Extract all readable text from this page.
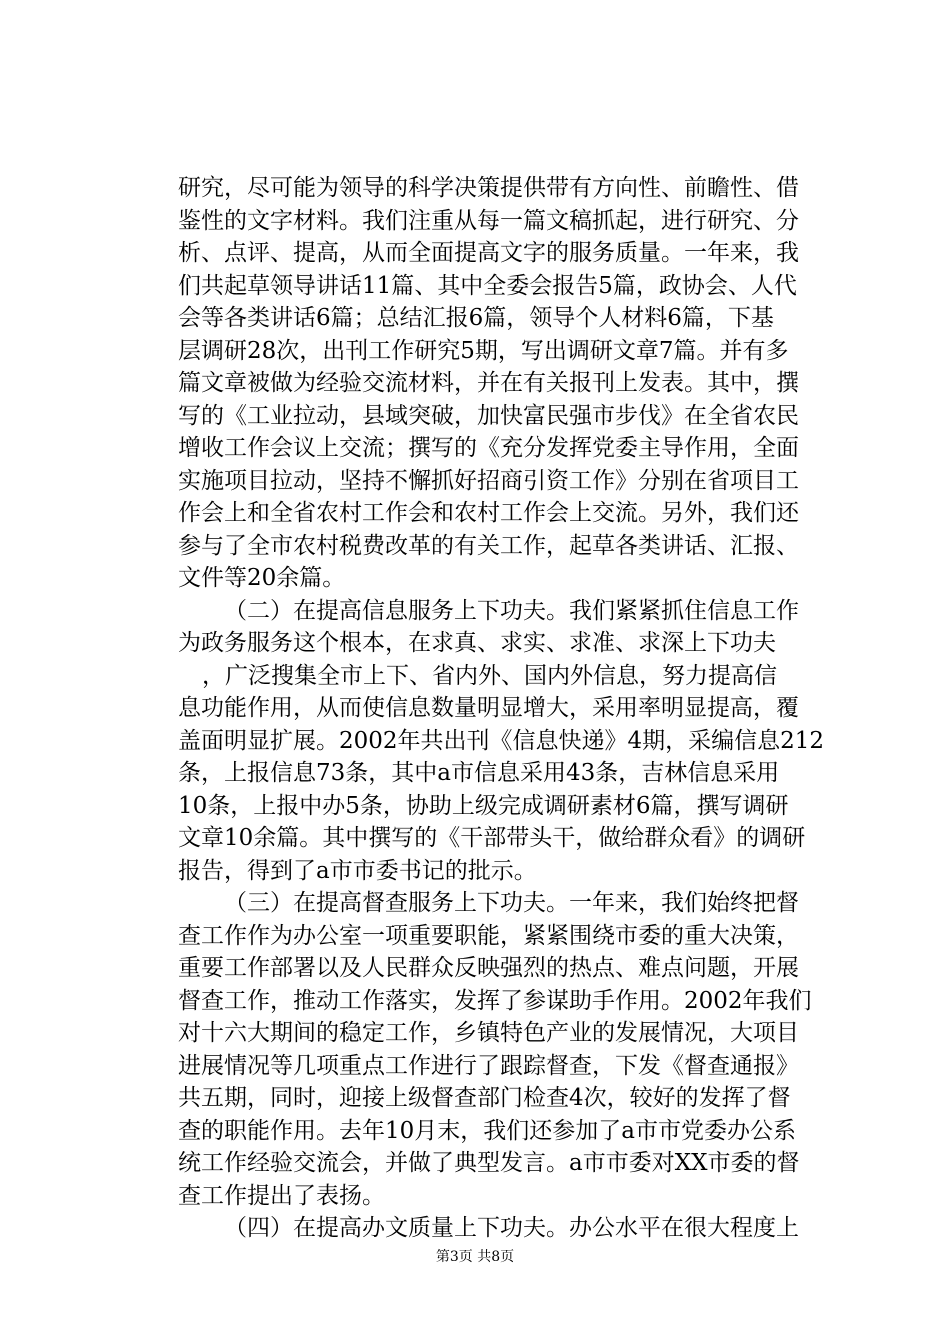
研究，尽可能为领导的科学决策提供带有方向性、前瞻性、借
鉴性的文字材料。我们注重从每一篇文稿抓起，进行研究、分
析、点评、提高，从而全面提高文字的服务质量。一年来，我
们共起草领导讲话11篇、其中全委会报告5篇，政协会、人代
会等各类讲话6篇；总结汇报6篇，领导个人材料6篇，下基
层调研28次，出刊工作研究5期，写出调研文章7篇。并有多
篇文章被做为经验交流材料，并在有关报刊上发表。其中，撰
写的《工业拉动，县域突破，加快富民强市步伐》在全省农民
增收工作会议上交流；撰写的《充分发挥党委主导作用，全面
实施项目拉动，坚持不懈抓好招商引资工作》分别在省项目工
作会上和全省农村工作会和农村工作会上交流。另外，我们还
参与了全市农村税费改革的有关工作，起草各类讲话、汇报、
文件等20余篇。
（二）在提高信息服务上下功夫。我们紧紧抓住信息工作
为政务服务这个根本，在求真、求实、求准、求深上下功夫
，广泛搜集全市上下、省内外、国内外信息，努力提高信
息功能作用，从而使信息数量明显增大，采用率明显提高，覆
盖面明显扩展。2002年共出刊《信息快递》4期，采编信息212
条，上报信息73条，其中a市信息采用43条，吉林信息采用
10条，上报中办5条，协助上级完成调研素材6篇，撰写调研
文章10余篇。其中撰写的《干部带头干，做给群众看》的调研
报告，得到了a市市委书记的批示。
（三）在提高督查服务上下功夫。一年来，我们始终把督
查工作作为办公室一项重要职能，紧紧围绕市委的重大决策，
重要工作部署以及人民群众反映强烈的热点、难点问题，开展
督查工作，推动工作落实，发挥了参谋助手作用。2002年我们
对十六大期间的稳定工作，乡镇特色产业的发展情况，大项目
进展情况等几项重点工作进行了跟踪督查，下发《督查通报》
共五期，同时，迎接上级督查部门检查4次，较好的发挥了督
查的职能作用。去年10月末，我们还参加了a市市党委办公系
统工作经验交流会，并做了典型发言。a市市委对XX市委的督
查工作提出了表扬。
（四）在提高办文质量上下功夫。办公水平在很大程度上
第3页 共8页
